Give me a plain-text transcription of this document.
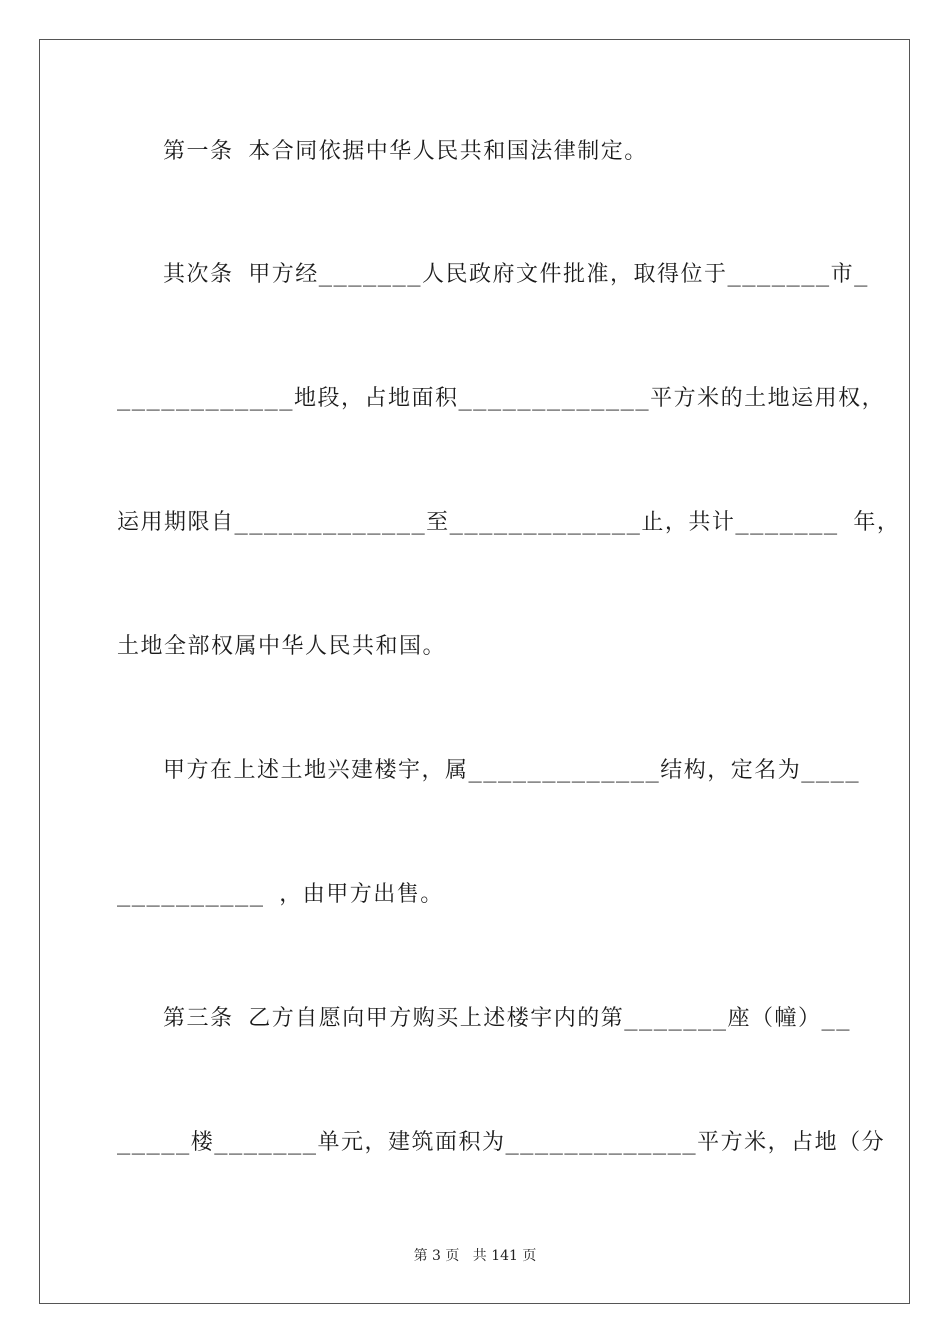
第一条 本合同依据中华人民共和国法律制定。
其次条 甲方经_______人民政府文件批准，取得位于_______市_
____________地段，占地面积_____________平方米的土地运用权，
运用期限自_____________至_____________止，共计_______ 年，
土地全部权属中华人民共和国。
甲方在上述土地兴建楼宇，属_____________结构，定名为____
__________ ，由甲方出售。
第三条 乙方自愿向甲方购买上述楼宇内的第_______座（幢）__
_____楼_______单元，建筑面积为_____________平方米，占地（分
第 3 页   共 141 页
